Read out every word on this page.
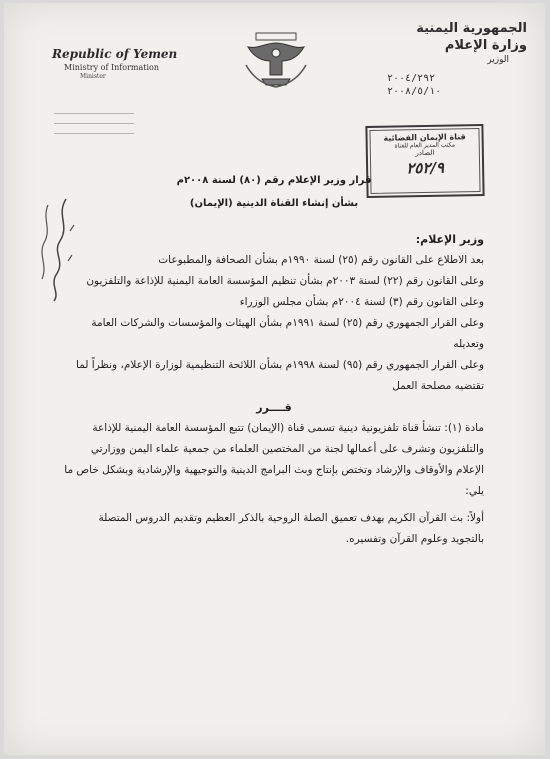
Republic of Yemen
Ministry of Information
Minister
الجمهورية اليمنية
وزارة الإعلام
الوزير
٢٠٠٤/٢٩٢
٢٠٠٨/٥/١٠
قناة الإيمان الفضائية
مكتب المدير العام للقناة
الصادر
٢٥٢/٩
قرار وزير الإعلام رقم (٨٠) لسنة ٢٠٠٨م
بشأن إنشاء القناة الدينية (الإيمان)
وزير الإعلام:
بعد الاطلاع على القانون رقم (٢٥) لسنة ١٩٩٠م بشأن الصحافة والمطبوعات
وعلى القانون رقم (٢٢) لسنة ٢٠٠٣م بشأن تنظيم المؤسسة العامة اليمنية للإذاعة والتلفزيون
وعلى القانون رقم (٣) لسنة ٢٠٠٤م بشأن مجلس الوزراء
وعلى القرار الجمهوري رقم (٢٥) لسنة ١٩٩١م بشأن الهيئات والمؤسسات والشركات العامة وتعديله
وعلى القرار الجمهوري رقم (٩٥) لسنة ١٩٩٨م بشأن اللائحة التنظيمية لوزارة الإعلام، ونظراً لما تقتضيه مصلحة العمل
قــــرر
مادة (١): تنشأ قناة تلفزيونية دينية تسمى قناة (الإيمان) تتبع المؤسسة العامة اليمنية للإذاعة والتلفزيون وتشرف على أعمالها لجنة من المختصين العلماء من جمعية علماء اليمن ووزارتي الإعلام والأوقاف والإرشاد وتختص بإنتاج وبث البرامج الدينية والتوجيهية والإرشادية وبشكل خاص ما يلي:
أولاً: بث القرآن الكريم بهدف تعميق الصلة الروحية بالذكر العظيم وتقديم الدروس المتصلة بالتجويد وعلوم القرآن وتفسيره.
